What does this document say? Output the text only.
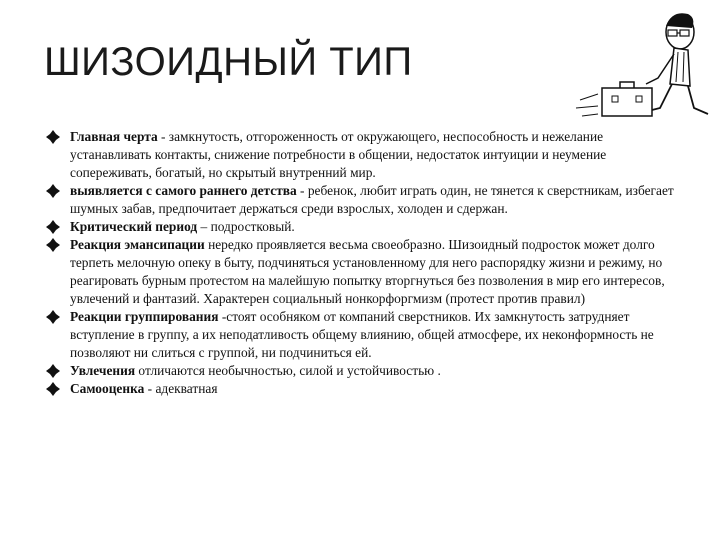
ШИЗОИДНЫЙ ТИП
Главная черта - замкнутость, отгороженность от окружающего, неспособность и нежелание устанавливать контакты, снижение потребности в общении, недостаток интуиции и неумение сопереживать, богатый, но скрытый внутренний мир.
выявляется с самого раннего детства - ребенок, любит играть один, не тянется к сверстникам, избегает шумных забав, предпочитает держаться среди взрослых, холоден и сдержан.
Критический период – подростковый.
Реакция эмансипации нередко проявляется весьма своеобразно. Шизоидный подросток может долго терпеть мелочную опеку в быту, подчиняться установленному для него распорядку жизни и режиму, но реагировать бурным протестом на малейшую попытку вторгнуться без позволения в мир его интересов, увлечений и фантазий. Характерен социальный нонкорфоргмизм (протест против правил)
Реакции группирования -стоят особняком от компаний сверстников. Их замкнутость затрудняет вступление в группу, а их неподатливость общему влиянию, общей атмосфере, их неконформность не позволяют ни слиться с группой, ни подчиниться ей.
Увлечения отличаются необычностью, силой и устойчивостью .
Самооценка - адекватная
